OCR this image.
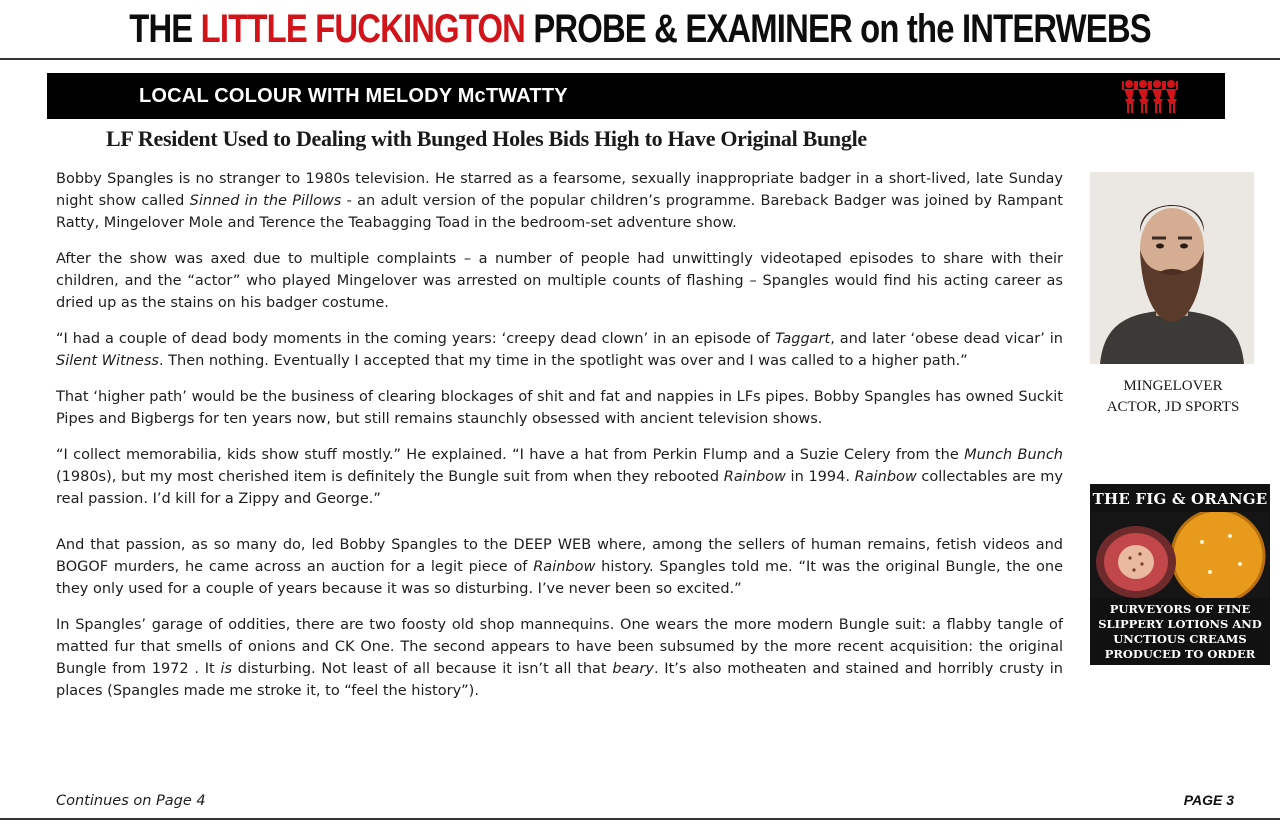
THE LITTLE FUCKINGTON PROBE & EXAMINER on the INTERWEBS
LOCAL COLOUR WITH MELODY McTWATTY
LF Resident Used to Dealing with Bunged Holes Bids High to Have Original Bungle

Bobby Spangles is no stranger to 1980s television. He starred as a fearsome, sexually inappropriate badger in a short-lived, late Sunday night show called Sinned in the Pillows - an adult version of the popular children’s programme. Bareback Badger was joined by Rampant Ratty, Mingelover Mole and Terence the Teabagging Toad in the bedroom-set adventure show.

After the show was axed due to multiple complaints – a number of people had unwittingly videotaped episodes to share with their children, and the “actor” who played Mingelover was arrested on multiple counts of flashing – Spangles would find his acting career as dried up as the stains on his badger costume.

“I had a couple of dead body moments in the coming years: ‘creepy dead clown’ in an episode of Taggart, and later ‘obese dead vicar’ in Silent Witness. Then nothing. Eventually I accepted that my time in the spotlight was over and I was called to a higher path.”

That ‘higher path’ would be the business of clearing blockages of shit and fat and nappies in LFs pipes. Bobby Spangles has owned Suckit Pipes and Bigbergs for ten years now, but still remains staunchly obsessed with ancient television shows.

“I collect memorabilia, kids show stuff mostly.” He explained. “I have a hat from Perkin Flump and a Suzie Celery from the Munch Bunch (1980s), but my most cherished item is definitely the Bungle suit from when they rebooted Rainbow in 1994. Rainbow collectables are my real passion. I’d kill for a Zippy and George.”

And that passion, as so many do, led Bobby Spangles to the DEEP WEB where, among the sellers of human remains, fetish videos and BOGOF murders, he came across an auction for a legit piece of Rainbow history. Spangles told me. “It was the original Bungle, the one they only used for a couple of years because it was so disturbing. I’ve never been so excited.”

In Spangles’ garage of oddities, there are two foosty old shop mannequins. One wears the more modern Bungle suit: a flabby tangle of matted fur that smells of onions and CK One. The second appears to have been subsumed by the more recent acquisition: the original Bungle from 1972 . It is disturbing. Not least of all because it isn’t all that beary. It’s also motheaten and stained and horribly crusty in places (Spangles made me stroke it, to “feel the history”).

Continues on Page 4	PAGE 3
MINGELOVER
ACTOR, JD SPORTS
THE FIG & ORANGE
PURVEYORS OF FINE
SLIPPERY LOTIONS AND
UNCTIOUS CREAMS
PRODUCED TO ORDER
